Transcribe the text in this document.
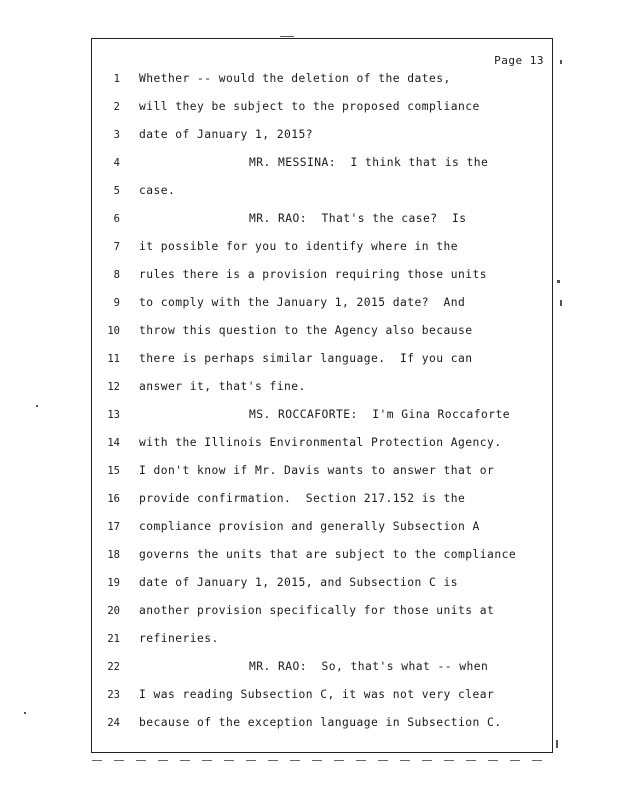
Page 13
1 Whether -- would the deletion of the dates,
2 will they be subject to the proposed compliance
3 date of January 1, 2015?
4	MR. MESSINA:  I think that is the
5 case.
6	MR. RAO:  That's the case?  Is
7 it possible for you to identify where in the
8 rules there is a provision requiring those units
9 to comply with the January 1, 2015 date?  And
10 throw this question to the Agency also because
11 there is perhaps similar language.  If you can
12 answer it, that's fine.
13	MS. ROCCAFORTE:  I'm Gina Roccaforte
14 with the Illinois Environmental Protection Agency.
15 I don't know if Mr. Davis wants to answer that or
16 provide confirmation.  Section 217.152 is the
17 compliance provision and generally Subsection A
18 governs the units that are subject to the compliance
19 date of January 1, 2015, and Subsection C is
20 another provision specifically for those units at
21 refineries.
22	MR. RAO:  So, that's what -- when
23 I was reading Subsection C, it was not very clear
24 because of the exception language in Subsection C.
